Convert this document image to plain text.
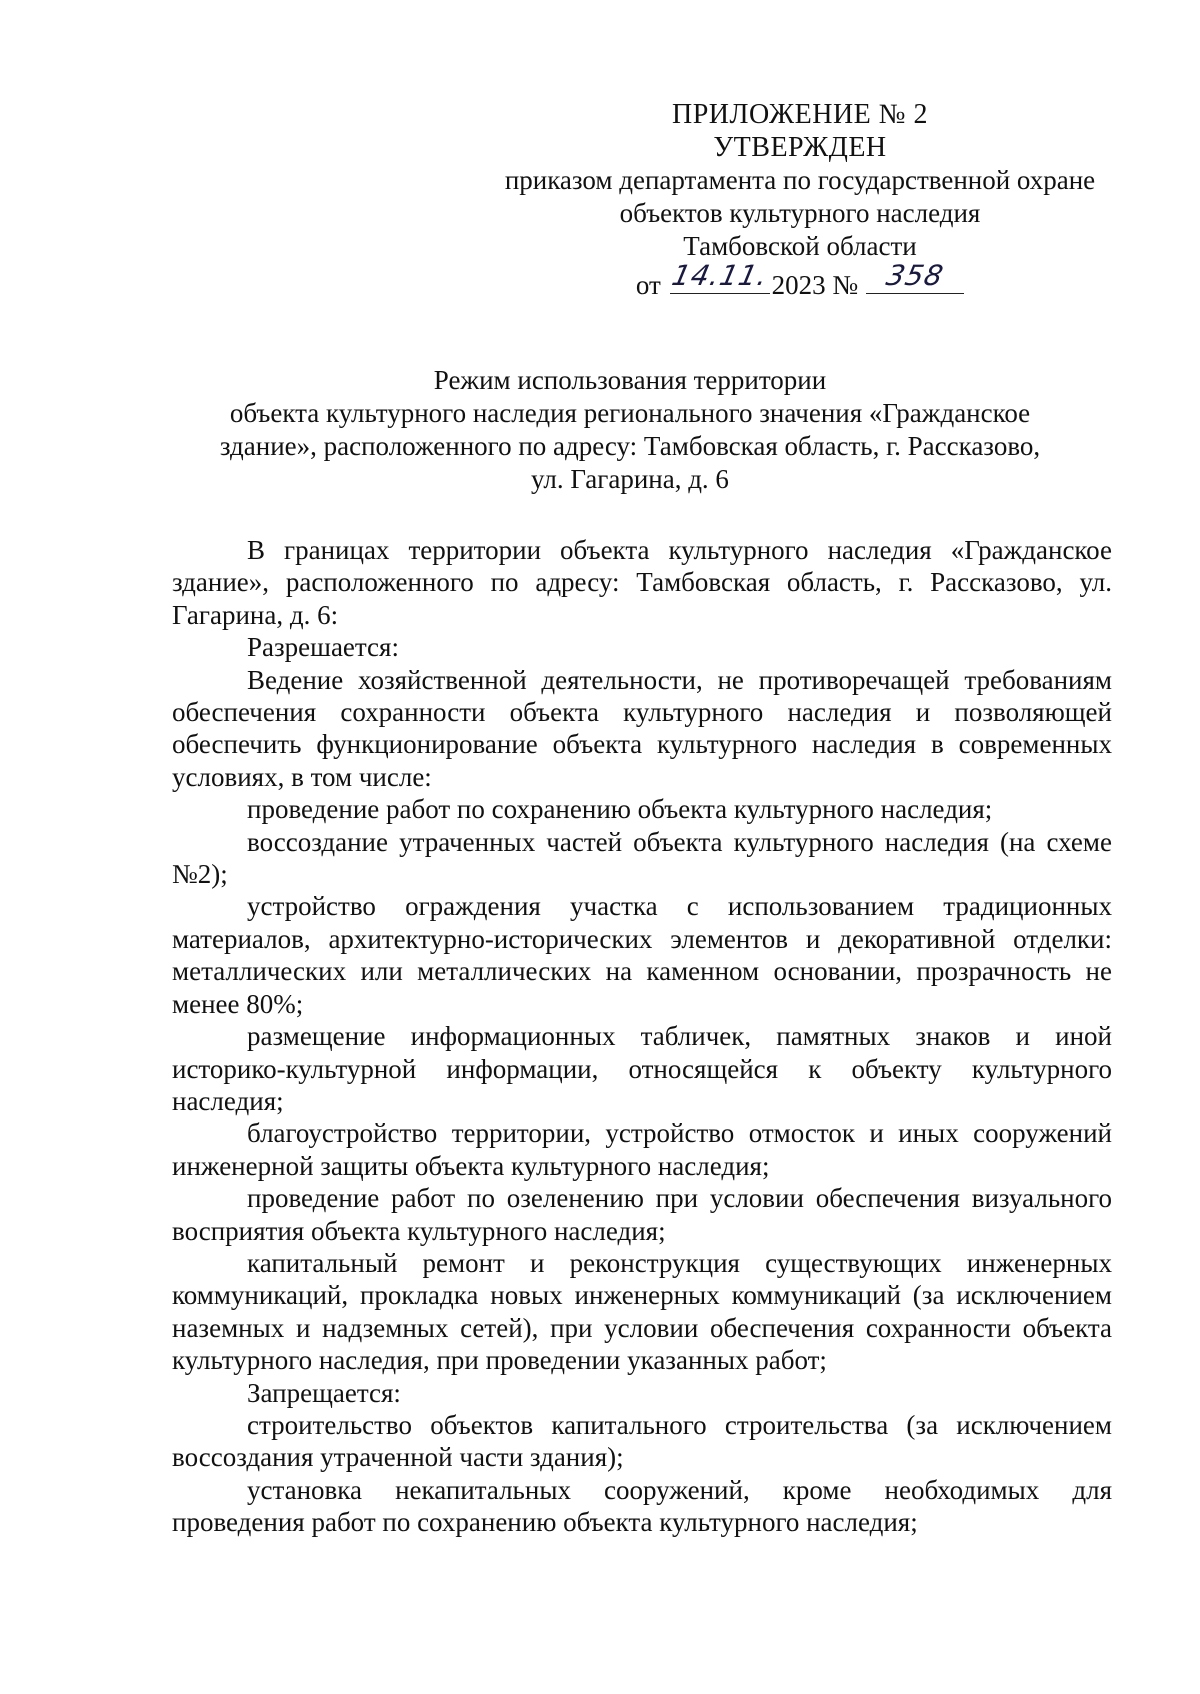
ПРИЛОЖЕНИЕ № 2
УТВЕРЖДЕН
приказом департамента по государственной охране
объектов культурного наследия
Тамбовской области
от 14.11. 2023 № 358
Режим использования территории
объекта культурного наследия регионального значения «Гражданское
здание», расположенного по адресу: Тамбовская область, г. Рассказово,
ул. Гагарина, д. 6

В границах территории объекта культурного наследия «Гражданское здание», расположенного по адресу: Тамбовская область, г. Рассказово, ул. Гагарина, д. 6:

Разрешается:

Ведение хозяйственной деятельности, не противоречащей требованиям обеспечения сохранности объекта культурного наследия и позволяющей обеспечить функционирование объекта культурного наследия в современных условиях, в том числе:

проведение работ по сохранению объекта культурного наследия;

воссоздание утраченных частей объекта культурного наследия (на схеме №2);

устройство ограждения участка с использованием традиционных материалов, архитектурно-исторических элементов и декоративной отделки: металлических или металлических на каменном основании, прозрачность не менее 80%;

размещение информационных табличек, памятных знаков и иной историко-культурной информации, относящейся к объекту культурного наследия;

благоустройство территории, устройство отмосток и иных сооружений инженерной защиты объекта культурного наследия;

проведение работ по озеленению при условии обеспечения визуального восприятия объекта культурного наследия;

капитальный ремонт и реконструкция существующих инженерных коммуникаций, прокладка новых инженерных коммуникаций (за исключением наземных и надземных сетей), при условии обеспечения сохранности объекта культурного наследия, при проведении указанных работ;

Запрещается:

строительство объектов капитального строительства (за исключением воссоздания утраченной части здания);

установка некапитальных сооружений, кроме необходимых для проведения работ по сохранению объекта культурного наследия;
